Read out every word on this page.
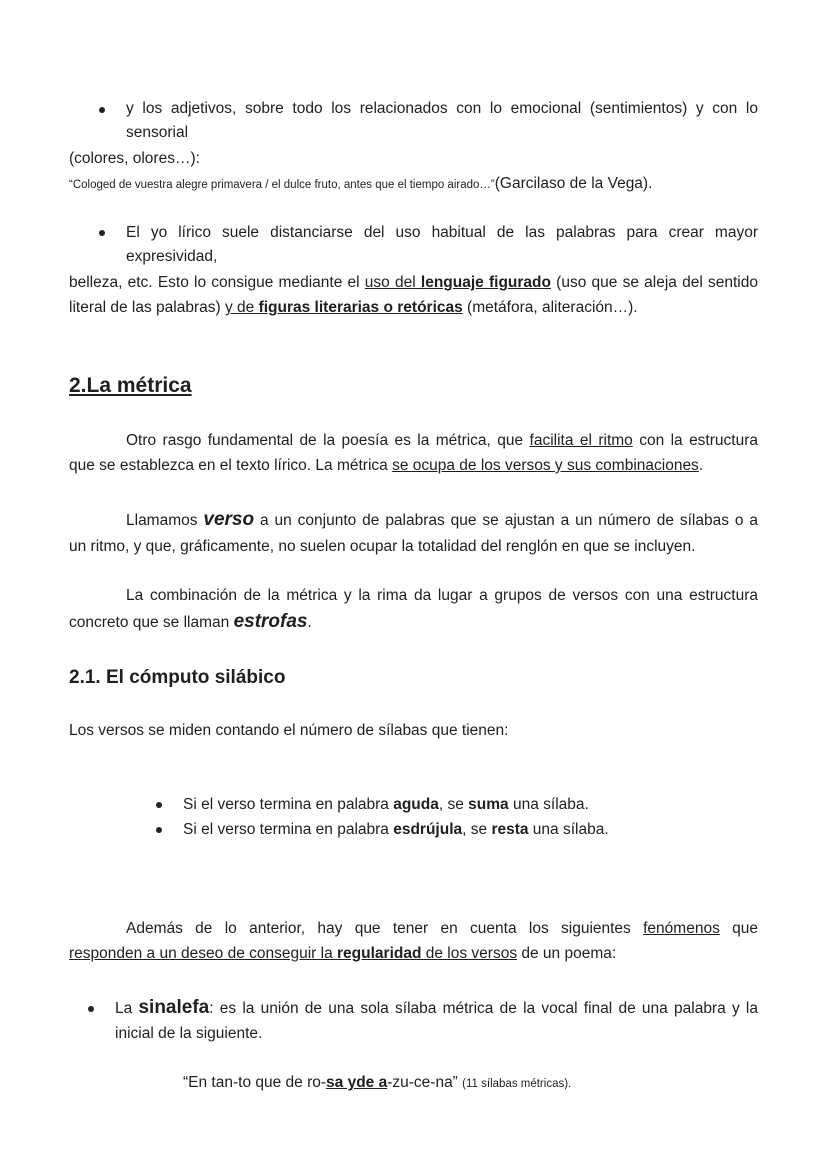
y los adjetivos, sobre todo los relacionados con lo emocional (sentimientos) y con lo
sensorial
(colores, olores…):
“Cologed de vuestra alegre primavera / el dulce fruto, antes que el tiempo airado…”(Garcilaso de la Vega).
El yo lírico suele distanciarse del uso habitual de las palabras para crear mayor
expresividad,
belleza, etc. Esto lo consigue mediante el uso del lenguaje figurado (uso que se aleja del sentido
literal de las palabras) y de figuras literarias o retóricas (metáfora, aliteración…).
2.La métrica
Otro rasgo fundamental de la poesía es la métrica, que facilita el ritmo con la estructura
que se establezca en el texto lírico. La métrica se ocupa de los versos y sus combinaciones.
Llamamos verso a un conjunto de palabras que se ajustan a un número de sílabas o a
un ritmo, y que, gráficamente, no suelen ocupar la totalidad del renglón en que se incluyen.
La combinación de la métrica y la rima da lugar a grupos de versos con una estructura
concreto que se llaman estrofas.
2.1. El cómputo silábico
Los versos se miden contando el número de sílabas que tienen:
Si el verso termina en palabra aguda, se suma una sílaba.
Si el verso termina en palabra esdrújula, se resta una sílaba.
Además de lo anterior, hay que tener en cuenta los siguientes fenómenos que
responden a un deseo de conseguir la regularidad de los versos de un poema:
La sinalefa: es la unión de una sola sílaba métrica de la vocal final de una palabra y la
inicial de la siguiente.
“En tan-to que de ro-sa yde a-zu-ce-na” (11 sílabas métricas).
